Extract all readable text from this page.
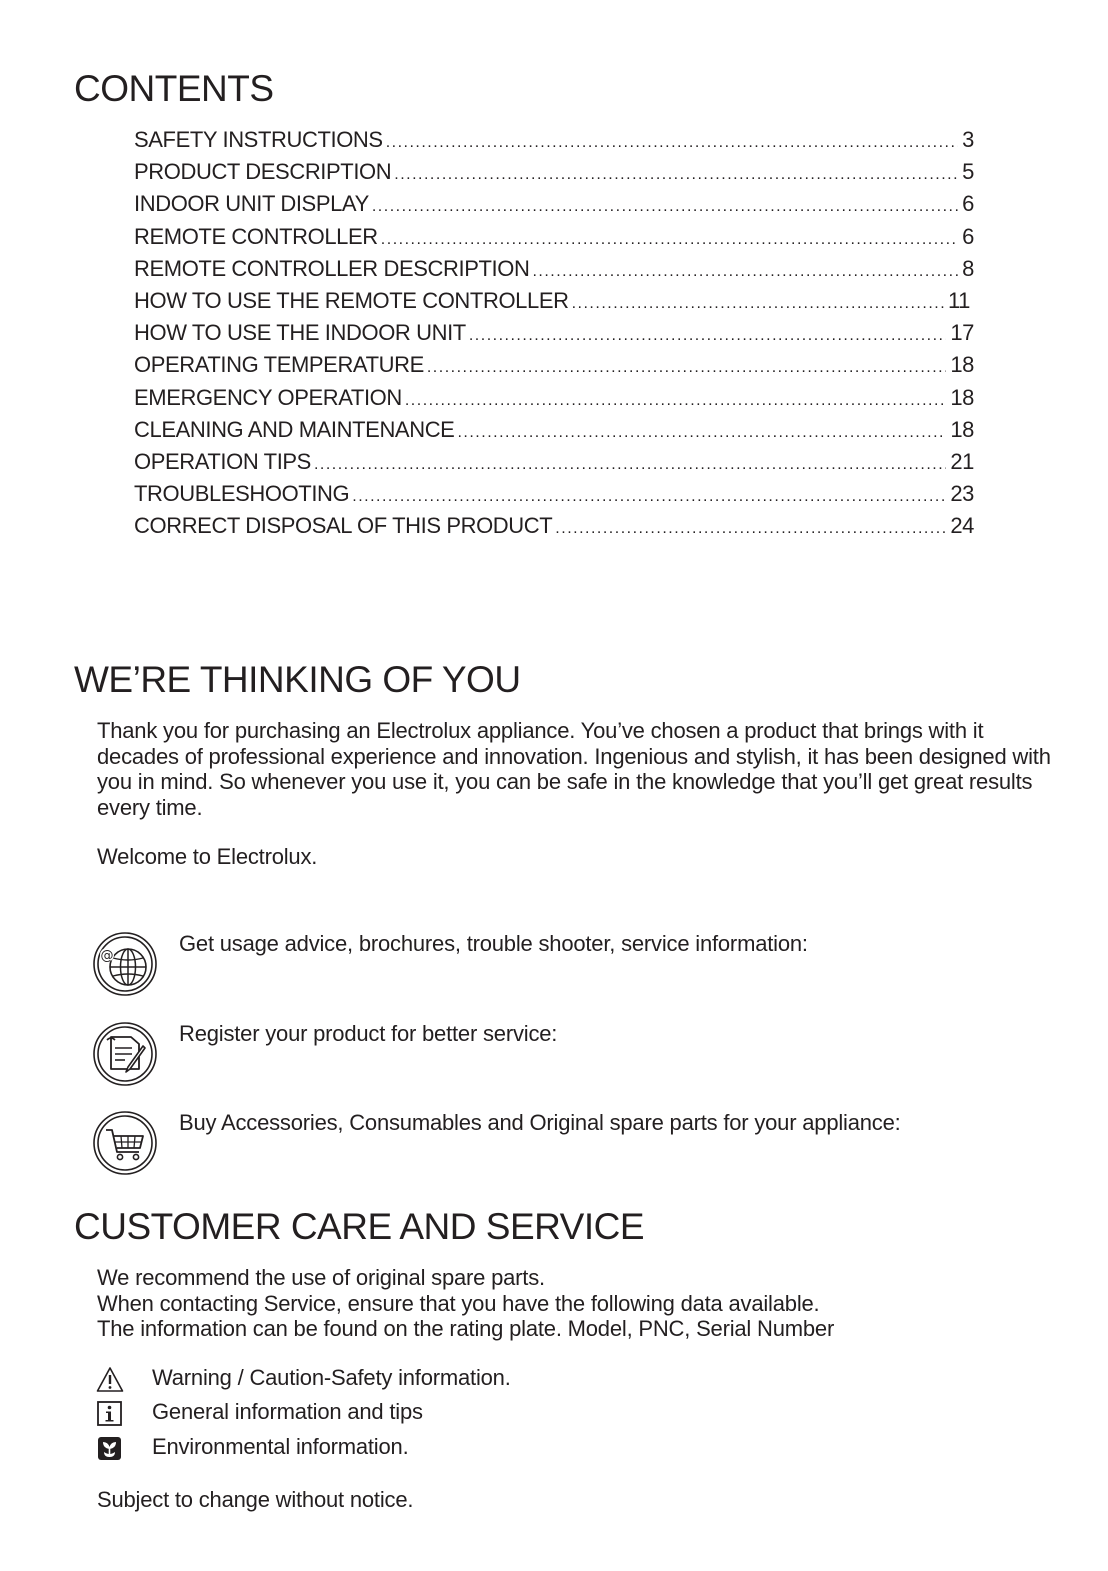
CONTENTS
SAFETY INSTRUCTIONS .....	3
PRODUCT DESCRIPTION .....	5
INDOOR UNIT DISPLAY .....	6
REMOTE CONTROLLER .....	6
REMOTE CONTROLLER DESCRIPTION .....	8
HOW TO USE THE REMOTE CONTROLLER .....	11
HOW TO USE THE INDOOR UNIT .....	17
OPERATING TEMPERATURE .....	18
EMERGENCY OPERATION .....	18
CLEANING AND MAINTENANCE .....	18
OPERATION TIPS .....	21
TROUBLESHOOTING .....	23
CORRECT DISPOSAL OF THIS PRODUCT .....	24
WE’RE THINKING OF YOU

Thank you for purchasing an Electrolux appliance. You’ve chosen a product that brings with it decades of professional experience and innovation. Ingenious and stylish, it has been designed with you in mind. So whenever you use it, you can be safe in the knowledge that you’ll get great results every time.

Welcome to Electrolux.

@	Get usage advice, brochures, trouble shooter, service information:
Register your product for better service:
Buy Accessories, Consumables and Original spare parts for your appliance:
CUSTOMER CARE AND SERVICE

We recommend the use of original spare parts.
When contacting Service, ensure that you have the following data available.
The information can be found on the rating plate. Model, PNC, Serial Number

Warning / Caution-Safety information.
General information and tips
Environmental information.

Subject to change without notice.
